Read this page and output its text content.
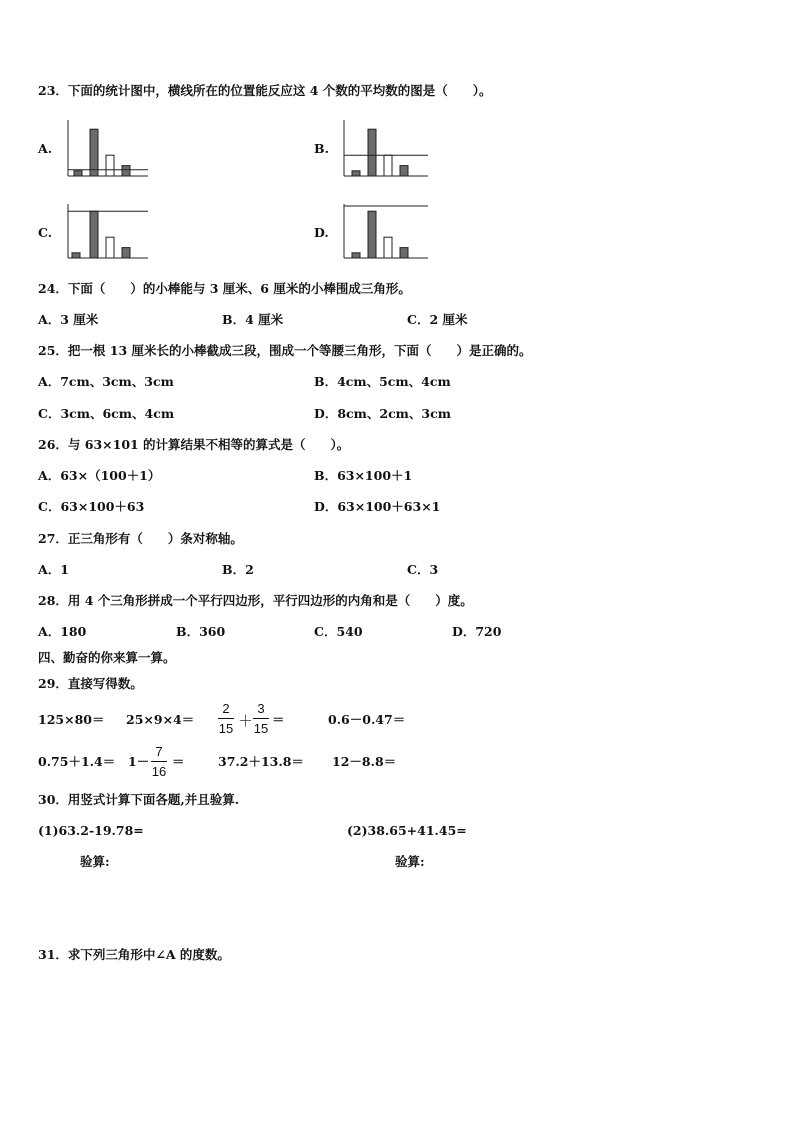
23．下面的统计图中，横线所在的位置能反应这 4 个数的平均数的图是（　　）。
A.	B.
C.	D.
24．下面（　　）的小棒能与 3 厘米、6 厘米的小棒围成三角形。
A．3 厘米	B．4 厘米	C．2 厘米
25．把一根 13 厘米长的小棒截成三段，围成一个等腰三角形，下面（　　）是正确的。
A．7cm、3cm、3cm	B．4cm、5cm、4cm
C．3cm、6cm、4cm	D．8cm、2cm、3cm
26．与 63×101 的计算结果不相等的算式是（　　）。
A．63×（100＋1）	B．63×100＋1
C．63×100＋63	D．63×100＋63×1
27．正三角形有（　　）条对称轴。
A．1	B．2	C．3
28．用 4 个三角形拼成一个平行四边形，平行四边形的内角和是（　　）度。
A．180	B．360	C．540	D．720
四、勤奋的你来算一算。
29．直接写得数。
125×80＝ 25×9×4＝
2
15 ＋
3
15
＝	0.6－0.47＝
0.75＋1.4＝ 1－
7
16
＝	37.2＋13.8＝ 12－8.8＝
30．用竖式计算下面各题,并且验算.
(1)63.2-19.78=	(2)38.65+41.45=
验算:	验算:
31．求下列三角形中∠A 的度数。
